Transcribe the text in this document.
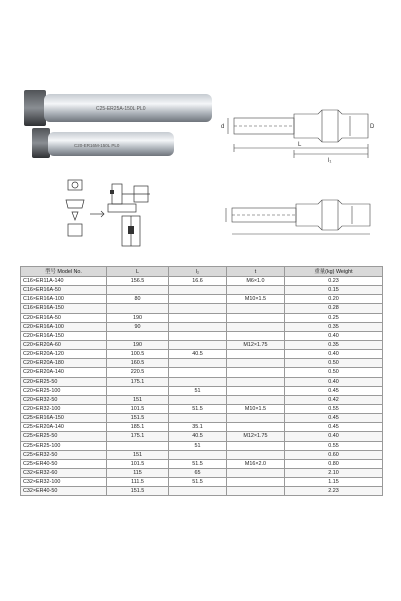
C25-ER25A-150L PL0
C20-ER16M-150L PL0
d	D
L
l₁
型号 Model No.	L	l₂	t	重量(kg) Weight
C16×ER11A-140	156.5	16.6	M6×1.0	0.23
C16×ER16A-50				0.15
C16×ER16A-100	80		M10×1.5	0.20
C16×ER16A-150				0.28
C20×ER16A-50	190			0.25
C20×ER16A-100	90			0.35
C20×ER16A-150				0.40
C20×ER20A-60	190		M12×1.75	0.35
C20×ER20A-120	100.5	40.5		0.40
C20×ER20A-180	160.5			0.50
C20×ER20A-140	220.5			0.50
C20×ER25-50	175.1			0.40
C20×ER25-100		51		0.45
C20×ER32-50	151			0.42
C20×ER32-100	101.5	51.5	M10×1.5	0.55
C25×ER16A-150	151.5			0.45
C25×ER20A-140	185.1	35.1		0.45
C25×ER25-50	175.1	40.5	M12×1.75	0.40
C25×ER25-100		51		0.55
C25×ER32-50	151			0.60
C25×ER40-50	101.5	51.5	M16×2.0	0.80
C32×ER32-60	115	65		2.10
C32×ER32-100	111.5	51.5		1.15
C32×ER40-50	151.5			2.23
